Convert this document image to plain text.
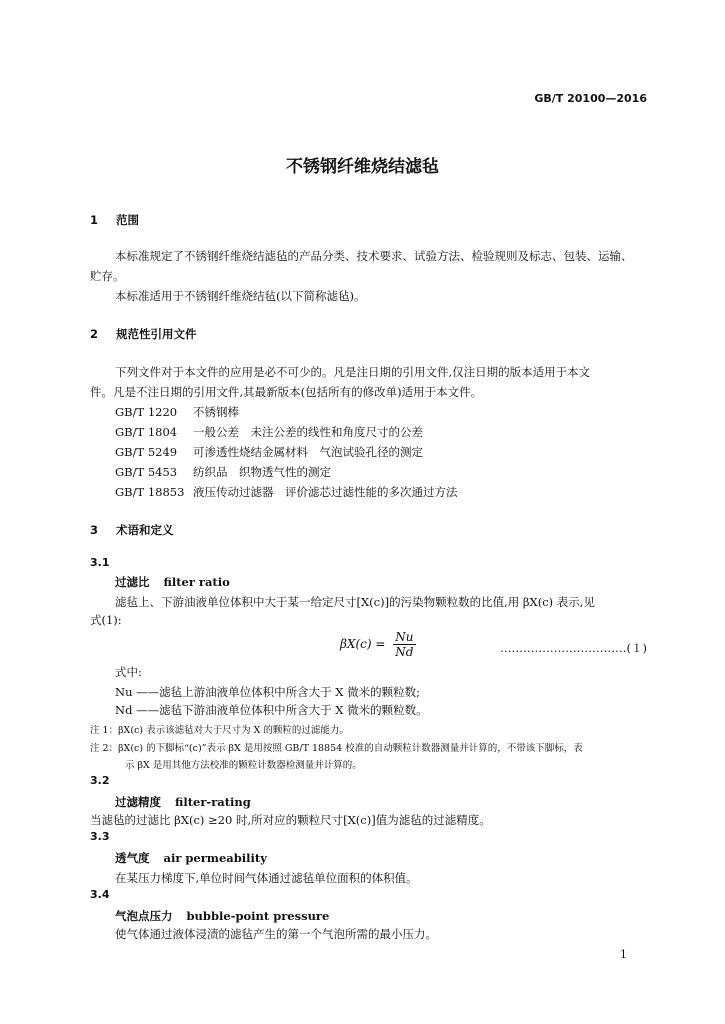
GB/T 20100—2016
不锈钢纤维烧结滤毡
1 范围
本标准规定了不锈钢纤维烧结滤毡的产品分类、技术要求、试验方法、检验规则及标志、包装、运输、
贮存。
本标准适用于不锈钢纤维烧结毡(以下简称滤毡)。
2 规范性引用文件
下列文件对于本文件的应用是必不可少的。凡是注日期的引用文件,仅注日期的版本适用于本文
件。凡是不注日期的引用文件,其最新版本(包括所有的修改单)适用于本文件。
GB/T 1220 不锈钢棒
GB/T 1804 一般公差　未注公差的线性和角度尺寸的公差
GB/T 5249 可渗透性烧结金属材料　气泡试验孔径的测定
GB/T 5453 纺织品　织物透气性的测定
GB/T 18853 液压传动过滤器　评价滤芯过滤性能的多次通过方法
3 术语和定义
3.1
过滤比 filter ratio
滤毡上、下游油液单位体积中大于某一给定尺寸[X(c)]的污染物颗粒数的比值,用 βX(c) 表示,见
式(1):
$\beta X(c) = \frac{Nu}{Nd}$	……………………………(１)
式中:
Nu ——滤毡上游油液单位体积中所含大于 X 微米的颗粒数;
Nd ——滤毡下游油液单位体积中所含大于 X 微米的颗粒数。
注 1：βX(c) 表示该滤毡对大于尺寸为 X 的颗粒的过滤能力。
注 2：βX(c) 的下脚标“(c)”表示 βX 是用按照 GB/T 18854 校准的自动颗粒计数器测量并计算的，不带该下脚标，表
示 βX 是用其他方法校准的颗粒计数器检测量并计算的。
3.2
过滤精度 filter-rating
当滤毡的过滤比 βX(c) ≥20 时,所对应的颗粒尺寸[X(c)]值为滤毡的过滤精度。
3.3
透气度 air permeability
在某压力梯度下,单位时间气体通过滤毡单位面积的体积值。
3.4
气泡点压力 bubble-point pressure
使气体通过液体浸渍的滤毡产生的第一个气泡所需的最小压力。
1
